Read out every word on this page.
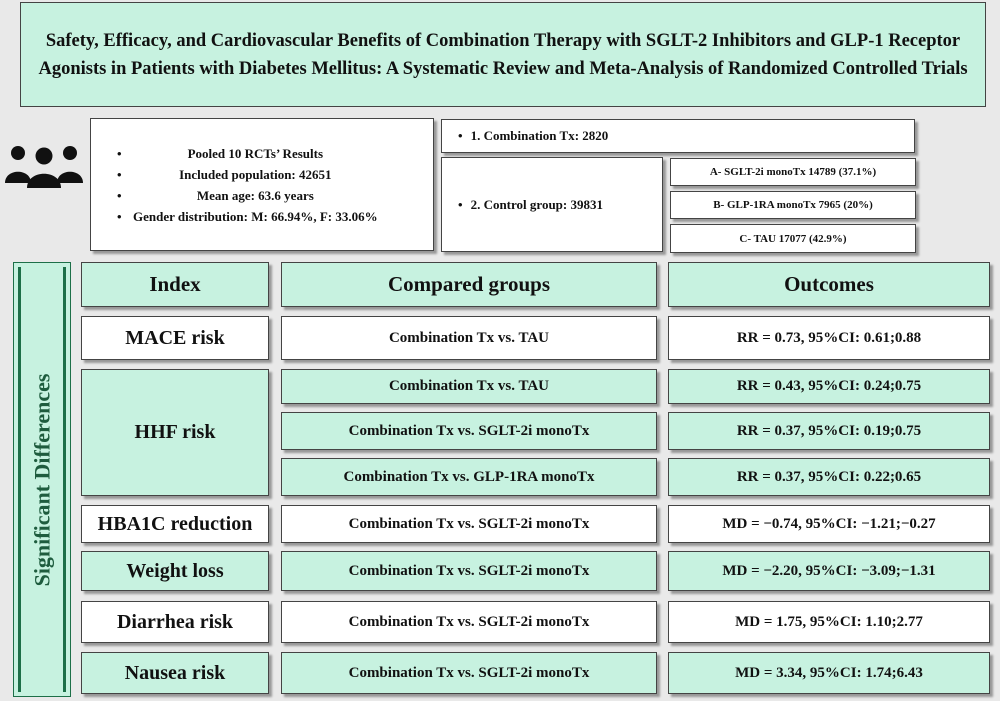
Safety, Efficacy, and Cardiovascular Benefits of Combination Therapy with SGLT-2 Inhibitors and GLP-1 Receptor Agonists in Patients with Diabetes Mellitus: A Systematic Review and Meta-Analysis of Randomized Controlled Trials
• Pooled 10 RCTs’ Results
• Included population: 42651
• Mean age: 63.6 years
• Gender distribution: M: 66.94%, F: 33.06%
• 1. Combination Tx: 2820
• 2. Control group: 39831
A- SGLT-2i monoTx 14789 (37.1%)
B- GLP-1RA monoTx 7965 (20%)
C- TAU 17077 (42.9%)
Significant Differences
Index	Compared groups	Outcomes
MACE risk	Combination Tx vs. TAU	RR = 0.73, 95%CI: 0.61;0.88
HHF risk
Combination Tx vs. TAU	RR = 0.43, 95%CI: 0.24;0.75
Combination Tx vs. SGLT-2i monoTx	RR = 0.37, 95%CI: 0.19;0.75
Combination Tx vs. GLP-1RA monoTx	RR = 0.37, 95%CI: 0.22;0.65
HBA1C reduction	Combination Tx vs. SGLT-2i monoTx	MD = −0.74, 95%CI: −1.21;−0.27
Weight loss	Combination Tx vs. SGLT-2i monoTx	MD = −2.20, 95%CI: −3.09;−1.31
Diarrhea risk	Combination Tx vs. SGLT-2i monoTx	MD = 1.75, 95%CI: 1.10;2.77
Nausea risk	Combination Tx vs. SGLT-2i monoTx	MD = 3.34, 95%CI: 1.74;6.43
